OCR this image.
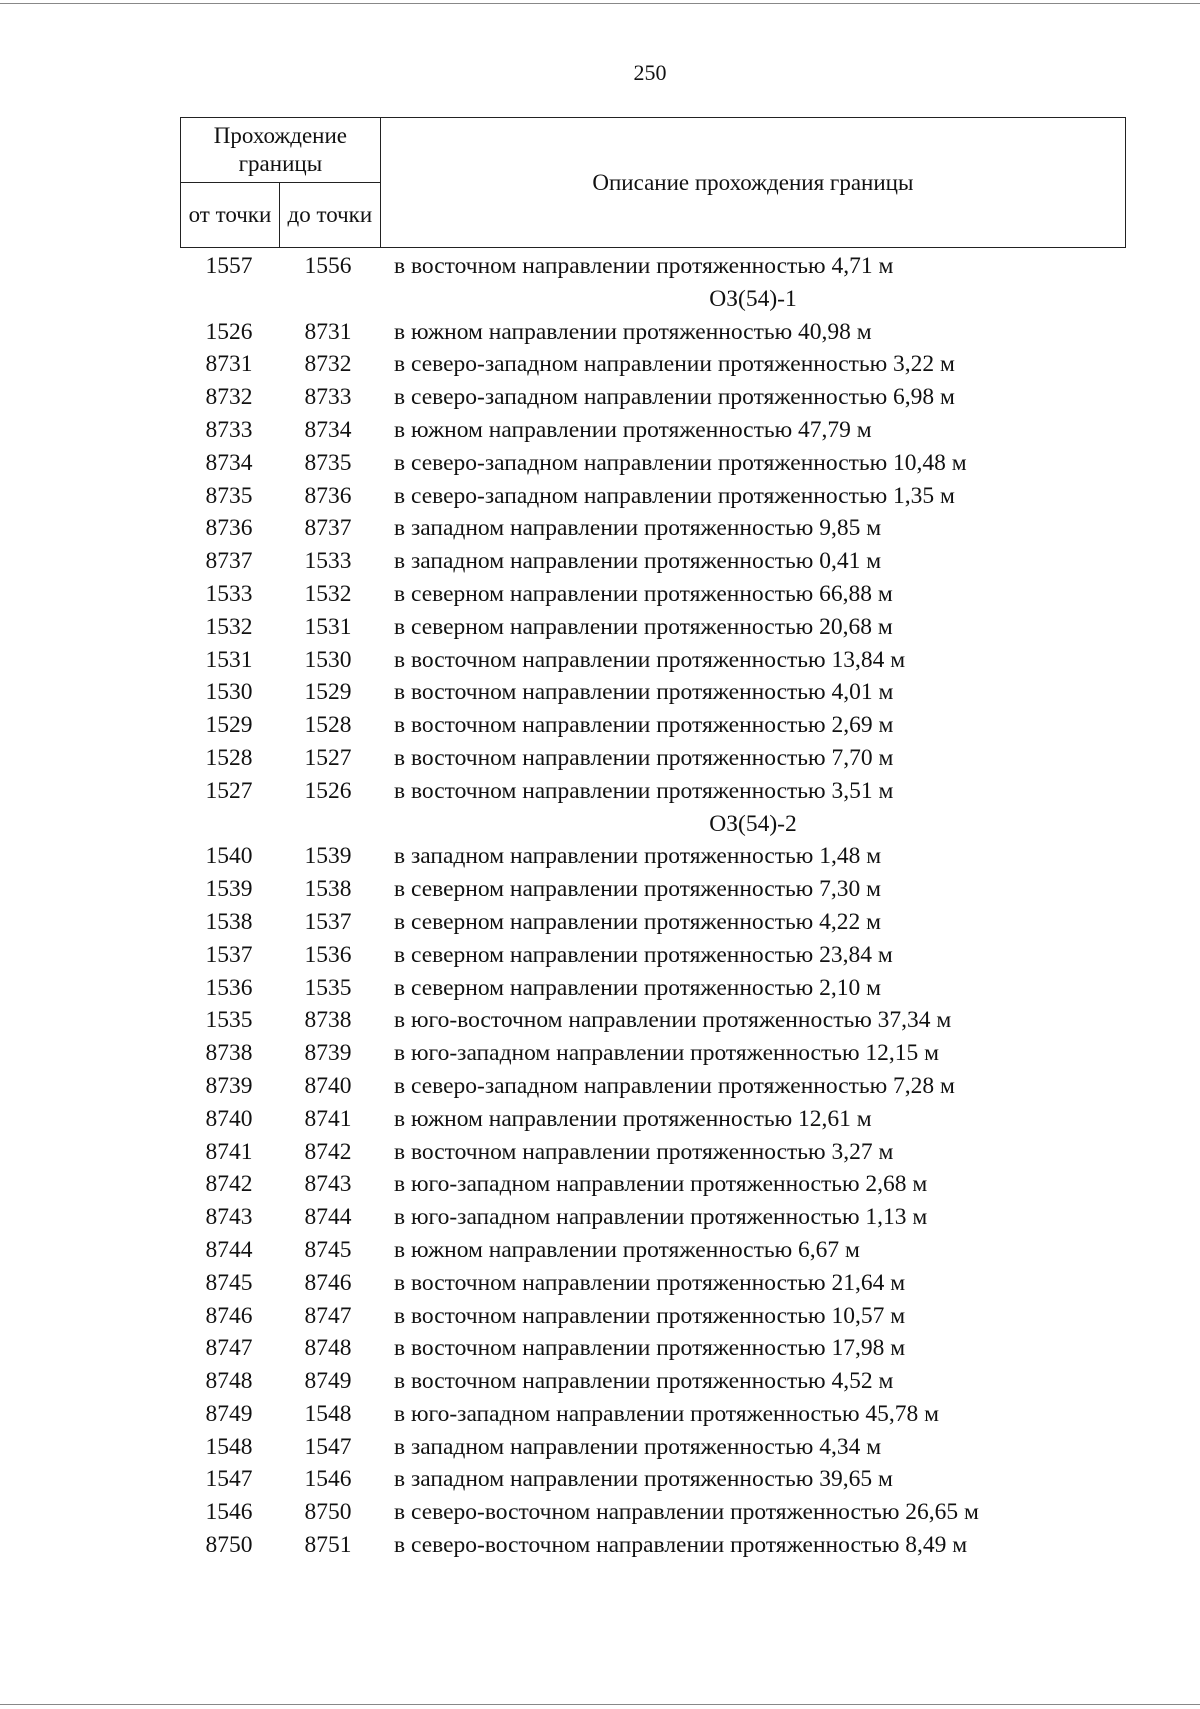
250
Прохождение границы		Описание прохождения границы
от точки	до точки	
1557	1556	в восточном направлении протяженностью 4,71 м
ОЗ(54)-1
1526	8731	в южном направлении протяженностью 40,98 м
8731	8732	в северо-западном направлении протяженностью 3,22 м
8732	8733	в северо-западном направлении протяженностью 6,98 м
8733	8734	в южном направлении протяженностью 47,79 м
8734	8735	в северо-западном направлении протяженностью 10,48 м
8735	8736	в северо-западном направлении протяженностью 1,35 м
8736	8737	в западном направлении протяженностью 9,85 м
8737	1533	в западном направлении протяженностью 0,41 м
1533	1532	в северном направлении протяженностью 66,88 м
1532	1531	в северном направлении протяженностью 20,68 м
1531	1530	в восточном направлении протяженностью 13,84 м
1530	1529	в восточном направлении протяженностью 4,01 м
1529	1528	в восточном направлении протяженностью 2,69 м
1528	1527	в восточном направлении протяженностью 7,70 м
1527	1526	в восточном направлении протяженностью 3,51 м
ОЗ(54)-2
1540	1539	в западном направлении протяженностью 1,48 м
1539	1538	в северном направлении протяженностью 7,30 м
1538	1537	в северном направлении протяженностью 4,22 м
1537	1536	в северном направлении протяженностью 23,84 м
1536	1535	в северном направлении протяженностью 2,10 м
1535	8738	в юго-восточном направлении протяженностью 37,34 м
8738	8739	в юго-западном направлении протяженностью 12,15 м
8739	8740	в северо-западном направлении протяженностью 7,28 м
8740	8741	в южном направлении протяженностью 12,61 м
8741	8742	в восточном направлении протяженностью 3,27 м
8742	8743	в юго-западном направлении протяженностью 2,68 м
8743	8744	в юго-западном направлении протяженностью 1,13 м
8744	8745	в южном направлении протяженностью 6,67 м
8745	8746	в восточном направлении протяженностью 21,64 м
8746	8747	в восточном направлении протяженностью 10,57 м
8747	8748	в восточном направлении протяженностью 17,98 м
8748	8749	в восточном направлении протяженностью 4,52 м
8749	1548	в юго-западном направлении протяженностью 45,78 м
1548	1547	в западном направлении протяженностью 4,34 м
1547	1546	в западном направлении протяженностью 39,65 м
1546	8750	в северо-восточном направлении протяженностью 26,65 м
8750	8751	в северо-восточном направлении протяженностью 8,49 м
